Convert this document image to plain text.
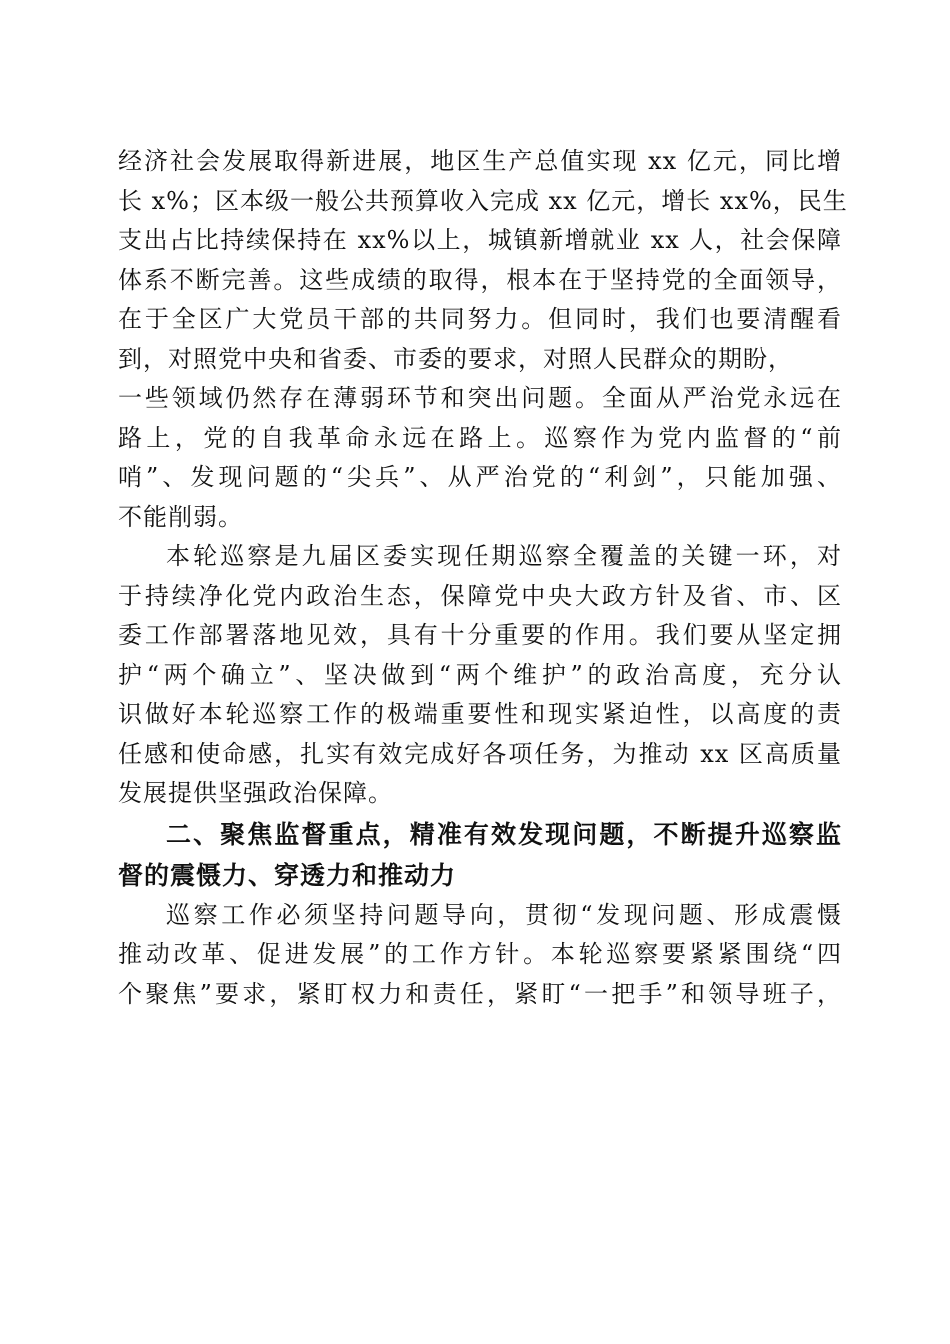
经济社会发展取得新进展，地区生产总值实现 xx 亿元，同比增
长 x%；区本级一般公共预算收入完成 xx 亿元，增长 xx%，民生
支出占比持续保持在 xx%以上，城镇新增就业 xx 人，社会保障
体系不断完善。这些成绩的取得，根本在于坚持党的全面领导，
在于全区广大党员干部的共同努力。但同时，我们也要清醒看
到，对照党中央和省委、市委的要求，对照人民群众的期盼，
一些领域仍然存在薄弱环节和突出问题。全面从严治党永远在
路上，党的自我革命永远在路上。巡察作为党内监督的“前
哨”、发现问题的“尖兵”、从严治党的“利剑”，只能加强、
不能削弱。
本轮巡察是九届区委实现任期巡察全覆盖的关键一环，对
于持续净化党内政治生态，保障党中央大政方针及省、市、区
委工作部署落地见效，具有十分重要的作用。我们要从坚定拥
护“两个确立”、坚决做到“两个维护”的政治高度，充分认
识做好本轮巡察工作的极端重要性和现实紧迫性，以高度的责
任感和使命感，扎实有效完成好各项任务，为推动 xx 区高质量
发展提供坚强政治保障。
二、聚焦监督重点，精准有效发现问题，不断提升巡察监
督的震慑力、穿透力和推动力
巡察工作必须坚持问题导向，贯彻“发现问题、形成震慑
推动改革、促进发展”的工作方针。本轮巡察要紧紧围绕“四
个聚焦”要求，紧盯权力和责任，紧盯“一把手”和领导班子，
